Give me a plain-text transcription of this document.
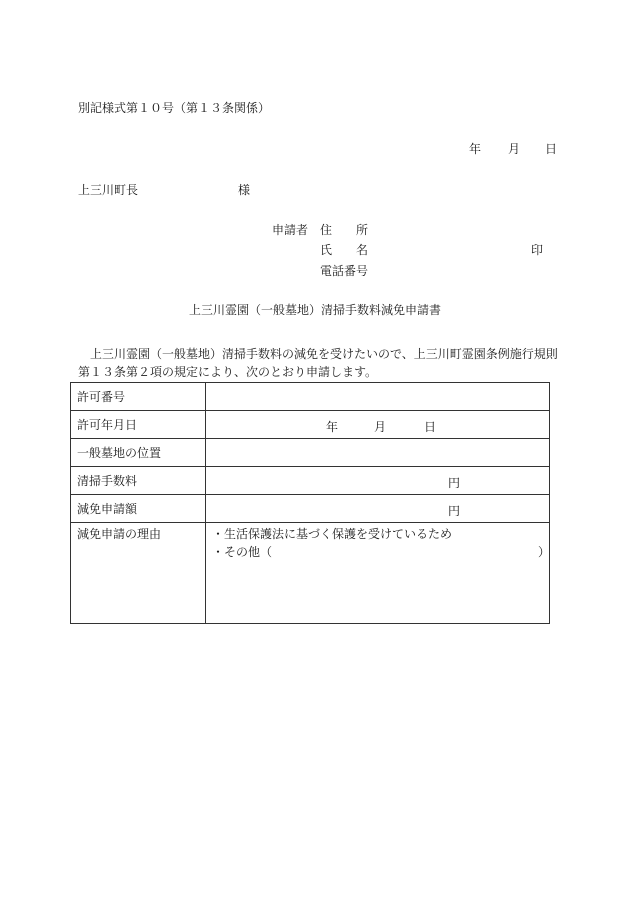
別記様式第１０号（第１３条関係）
年 月 日
上三川町長	様
申請者 住　　所
氏　　名	印
電話番号
上三川霊園（一般墓地）清掃手数料減免申請書
上三川霊園（一般墓地）清掃手数料の減免を受けたいので、上三川町霊園条例施行規則第１３条第２項の規定により、次のとおり申請します。
許可番号	
許可年月日	年 月 日

一般墓地の位置	
清掃手数料	円

減免申請額	円

減免申請の理由	・生活保護法に基づく保護を受けているため
・その他（ ）
